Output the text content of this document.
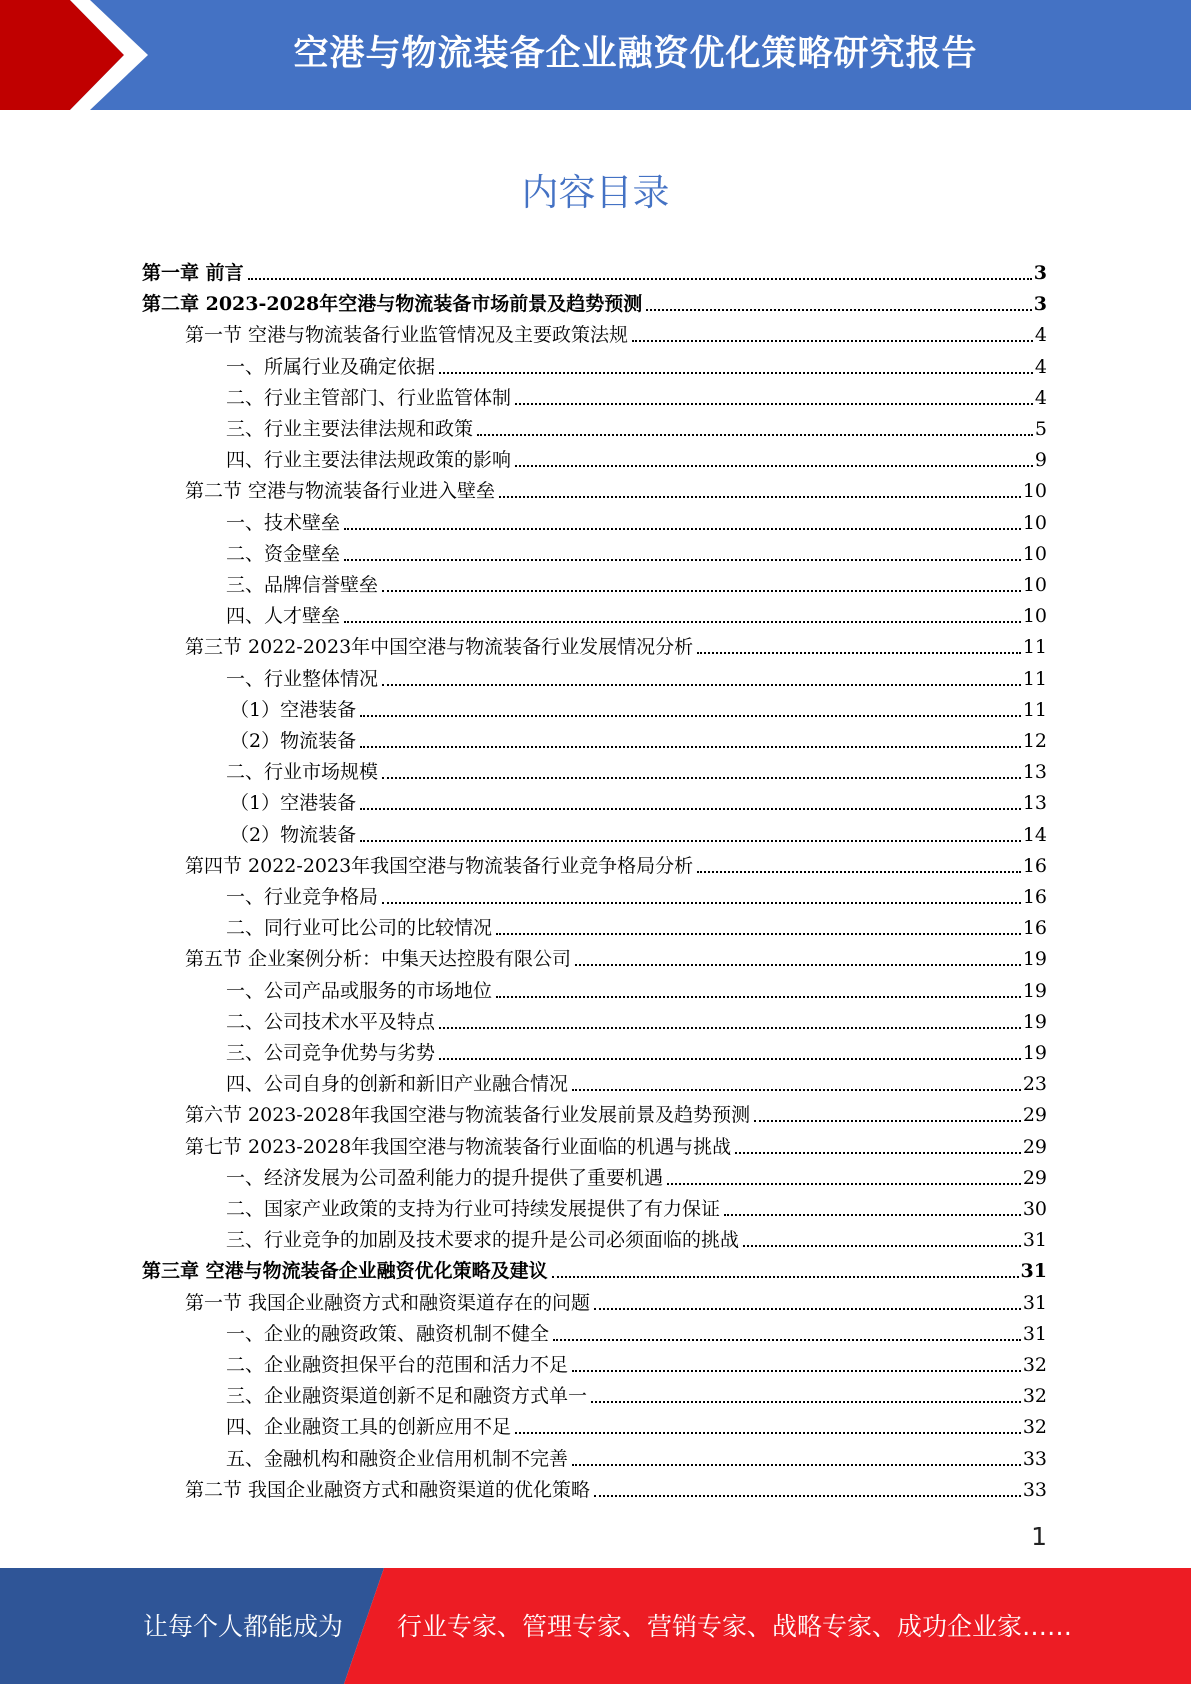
空港与物流装备企业融资优化策略研究报告
内容目录
第一章 前言	3
第二章 2023-2028年空港与物流装备市场前景及趋势预测	3
第一节 空港与物流装备行业监管情况及主要政策法规	4
一、所属行业及确定依据	4
二、行业主管部门、行业监管体制	4
三、行业主要法律法规和政策	5
四、行业主要法律法规政策的影响	9
第二节 空港与物流装备行业进入壁垒	10
一、技术壁垒	10
二、资金壁垒	10
三、品牌信誉壁垒	10
四、人才壁垒	10
第三节 2022-2023年中国空港与物流装备行业发展情况分析	11
一、行业整体情况	11
（1）空港装备	11
（2）物流装备	12
二、行业市场规模	13
（1）空港装备	13
（2）物流装备	14
第四节 2022-2023年我国空港与物流装备行业竞争格局分析	16
一、行业竞争格局	16
二、同行业可比公司的比较情况	16
第五节 企业案例分析：中集天达控股有限公司	19
一、公司产品或服务的市场地位	19
二、公司技术水平及特点	19
三、公司竞争优势与劣势	19
四、公司自身的创新和新旧产业融合情况	23
第六节 2023-2028年我国空港与物流装备行业发展前景及趋势预测	29
第七节 2023-2028年我国空港与物流装备行业面临的机遇与挑战	29
一、经济发展为公司盈利能力的提升提供了重要机遇	29
二、国家产业政策的支持为行业可持续发展提供了有力保证	30
三、行业竞争的加剧及技术要求的提升是公司必须面临的挑战	31
第三章 空港与物流装备企业融资优化策略及建议	31
第一节 我国企业融资方式和融资渠道存在的问题	31
一、企业的融资政策、融资机制不健全	31
二、企业融资担保平台的范围和活力不足	32
三、企业融资渠道创新不足和融资方式单一	32
四、企业融资工具的创新应用不足	32
五、金融机构和融资企业信用机制不完善	33
第二节 我国企业融资方式和融资渠道的优化策略	33
1
让每个人都能成为 行业专家、管理专家、营销专家、战略专家、成功企业家……
